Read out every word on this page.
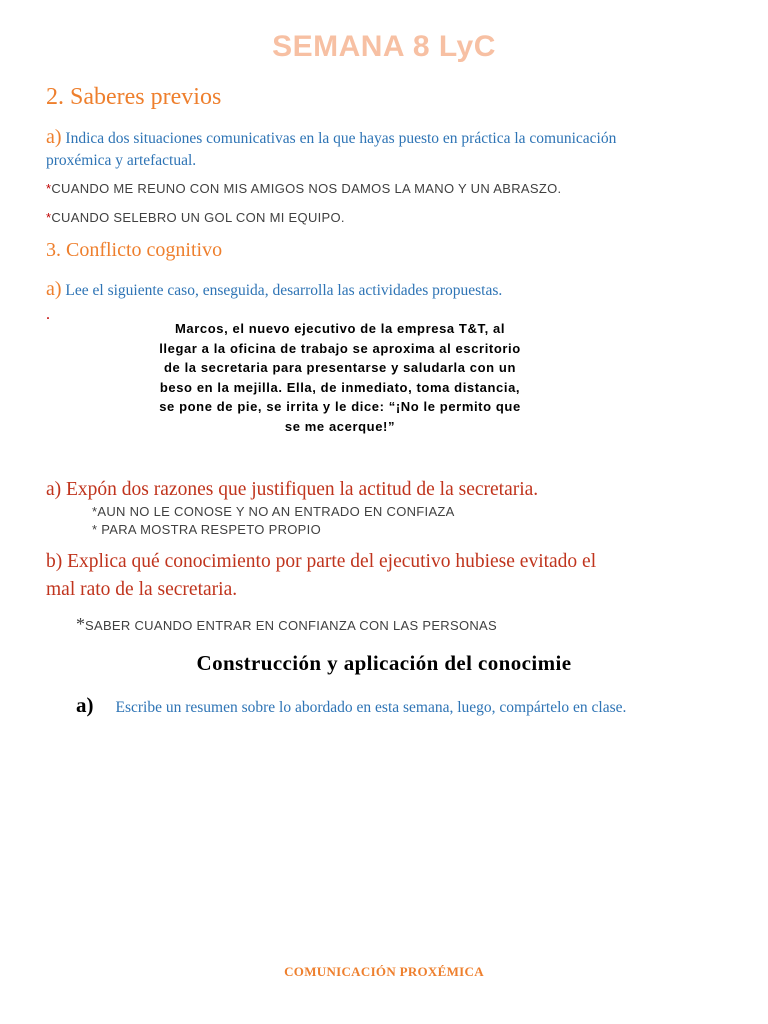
SEMANA 8 LyC
2. Saberes previos
a) Indica dos situaciones comunicativas en la que hayas puesto en práctica la comunicación
proxémica y artefactual.
*CUANDO ME REUNO CON MIS AMIGOS NOS DAMOS LA MANO Y UN ABRASZO.
*CUANDO SELEBRO UN GOL CON MI EQUIPO.
3. Conflicto cognitivo
a) Lee el siguiente caso, enseguida, desarrolla las actividades propuestas.
.
Marcos, el nuevo ejecutivo de la empresa T&T, al
llegar a la oficina de trabajo se aproxima al escritorio
de la secretaria para presentarse y saludarla con un
beso en la mejilla. Ella, de inmediato, toma distancia,
se pone de pie, se irrita y le dice: “¡No le permito que
se me acerque!”
a) Expón dos razones que justifiquen la actitud de la secretaria.
*AUN NO LE CONOSE Y NO AN ENTRADO EN CONFIAZA
* PARA MOSTRA RESPETO PROPIO
b) Explica qué conocimiento por parte del ejecutivo hubiese evitado el
mal rato de la secretaria.
*SABER CUANDO ENTRAR EN CONFIANZA CON LAS PERSONAS
Construcción y aplicación del conocimie
a) Escribe un resumen sobre lo abordado en esta semana, luego, compártelo en clase.
COMUNICACIÓN PROXÉMICA
